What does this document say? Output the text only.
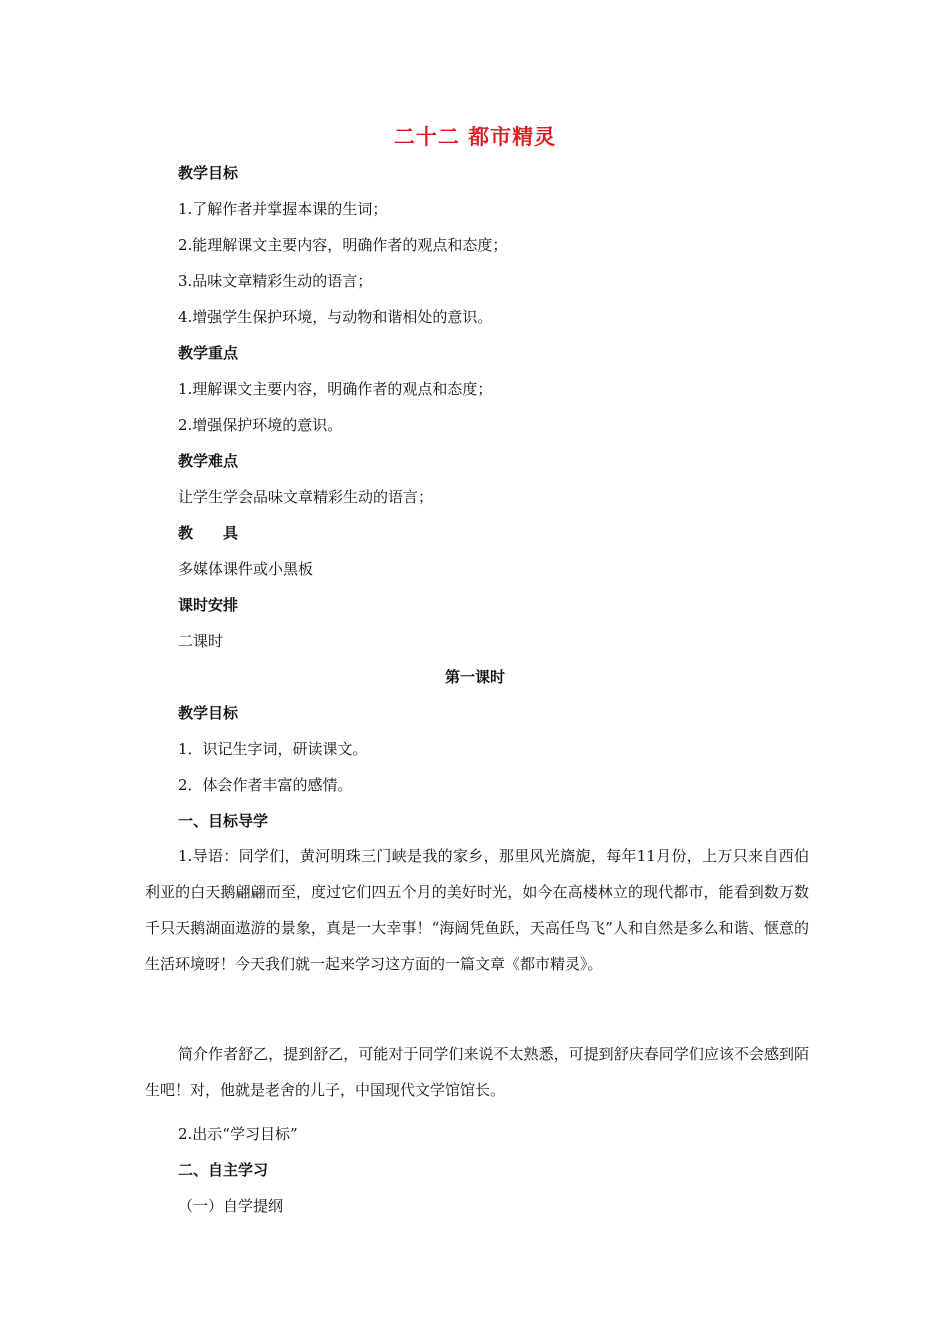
二十二 都市精灵
教学目标
1.了解作者并掌握本课的生词；
2.能理解课文主要内容，明确作者的观点和态度；
3.品味文章精彩生动的语言；
4.增强学生保护环境，与动物和谐相处的意识。
教学重点
1.理解课文主要内容，明确作者的观点和态度；
2.增强保护环境的意识。
教学难点
让学生学会品味文章精彩生动的语言；
教　　具
多媒体课件或小黑板
课时安排
二课时
第一课时
教学目标
1．识记生字词，研读课文。
2．体会作者丰富的感情。
一、目标导学
1.导语：同学们，黄河明珠三门峡是我的家乡，那里风光旖旎，每年11月份，上万只来自西伯利亚的白天鹅翩翩而至，度过它们四五个月的美好时光，如今在高楼林立的现代都市，能看到数万数千只天鹅湖面遨游的景象，真是一大幸事！“海阔凭鱼跃，天高任鸟飞”人和自然是多么和谐、惬意的生活环境呀！今天我们就一起来学习这方面的一篇文章《都市精灵》。
简介作者舒乙，提到舒乙，可能对于同学们来说不太熟悉，可提到舒庆春同学们应该不会感到陌生吧！对，他就是老舍的儿子，中国现代文学馆馆长。
2.出示“学习目标”
二、自主学习
（一）自学提纲
